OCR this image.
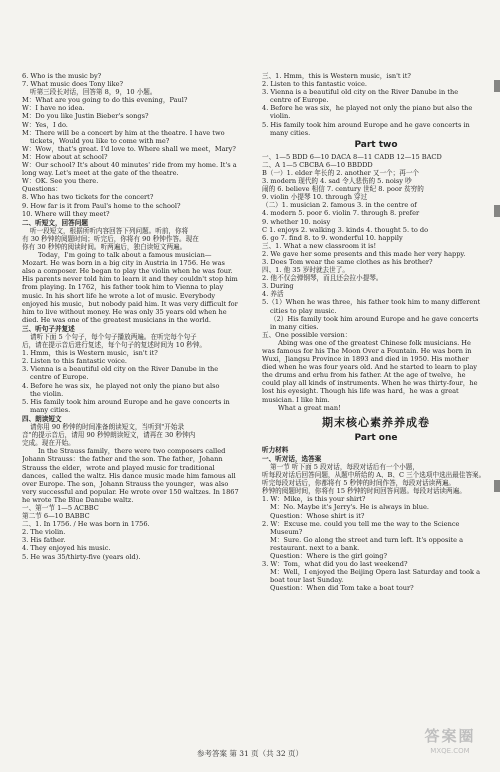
6. Who is the music by?
7. What music does Tony like?
听第三段长对话，回答第 8，9，10 小题。
M：What are you going to do this evening，Paul?
W：I have no idea.
M：Do you like Justin Bieber's songs?
W：Yes，I do.
M：There will be a concert by him at the theatre. I have two
tickets，Would you like to come with me?
W：Wow，that's great. I'd love to. Where shall we meet，Mary?
M：How about at school?
W：Our school? It's about 40 minutes' ride from my home. It's a
long way. Let's meet at the gate of the theatre.
W：OK. See you there.
Questions：
8. Who has two tickets for the concert?
9. How far is it from Paul's home to the school?
10. Where will they meet?
二、听短文，回答问题
听一段短文，根据所听内容回答下列问题。听前，你将
有 30 秒钟的阅题时间；听完后，你将有 90 秒钟作答。现在
你有 30 秒钟的阅读时间。听两遍后，独白读短文两遍。
Today，I'm going to talk about a famous musician—
Mozart. He was born in a big city in Austria in 1756. He was
also a composer. He began to play the violin when he was four.
His parents never told him to learn it and they couldn't stop him
from playing. In 1762，his father took him to Vienna to play
music. In his short life he wrote a lot of music. Everybody
enjoyed his music，but nobody paid him. It was very difficult for
him to live without money. He was only 35 years old when he
died. He was one of the greatest musicians in the world.
三、听句子并复述
请听下面 5 个句子，每个句子播放两遍。在听完每个句子
后，请在提示音后进行复述，每个句子的复述时间为 10 秒钟。
1. Hmm，this is Western music，isn't it?
2. Listen to this fantastic voice.
3. Vienna is a beautiful old city on the River Danube in the
centre of Europe.
4. Before he was six，he played not only the piano but also
the violin.
5. His family took him around Europe and he gave concerts in
many cities.
四、朗读短文
请你用 90 秒钟的时间准备朗读短文，当听到"开始录
音"的提示音后，请用 90 秒钟朗读短文，请再在 30 秒钟内
完成。现在开始。
In the Strauss family，there were two composers called
Johann Strauss：the father and the son. The father，Johann
Strauss the elder，wrote and played music for traditional
dances，called the waltz. His dance music made him famous all
over Europe. The son，Johann Strauss the younger，was also
very successful and popular. He wrote over 150 waltzes. In 1867
he wrote The Blue Danube waltz.
一、第一节 1—5 ACBBC
第二节 6—10 BABBC
二、1. In 1756. / He was born in 1756.
2. The violin.
3. His father.
4. They enjoyed his music.
5. He was 35/thirty-five (years old).
三、1. Hmm，this is Western music，isn't it?
2. Listen to this fantastic voice.
3. Vienna is a beautiful old city on the River Danube in the
centre of Europe.
4. Before he was six，he played not only the piano but also the
violin.
5. His family took him around Europe and he gave concerts in
many cities.
Part two
一、1—5 BDD 6—10 DACA 8—11 CADB 12—15 BACD
二、A 1—5 CBCBA 6—10 BBDDD
B（一）1. elder 年长的 2. another 又一个；再一个
3. modern 现代的 4. sad 令人悲伤的 5. noisy 吵
闹的 6. believe 相信 7. century 世纪 8. poor 贫穷的
9. violin 小提琴 10. through 穿过
（二）1. musician 2. famous 3. in the centre of
4. modern 5. poor 6. violin 7. through 8. prefer
9. whether 10. noisy
C 1. enjoys 2. walking 3. kinds 4. thought 5. to do
6. go 7. find 8. to 9. wonderful 10. happily
三、1. What a new classroom it is!
2. We gave her some presents and this made her very happy.
3. Does Tom wear the same clothes as his brother?
四、1. 他 35 岁时就去世了。
2. 他不仅会弹钢琴，而且还会拉小提琴。
3. During
4. 养活
5.（1）When he was three，his father took him to many different
cities to play music.
（2）His family took him around Europe and he gave concerts
in many cities.
五、One possible version：
Abing was one of the greatest Chinese folk musicians. He
was famous for his The Moon Over a Fountain. He was born in
Wuxi，Jiangsu Province in 1893 and died in 1950. His mother
died when he was four years old. And he started to learn to play
the drums and erhu from his father. At the age of twelve，he
could play all kinds of instruments. When he was thirty-four，he
lost his eyesight. Though his life was hard，he was a great
musician. I like him.
What a great man!
期末核心素养养成卷
Part one
听力材料
一、听对话，选答案
第一节 听下面 5 段对话，每段对话后有一个小题，
听每段对话后回答问题，从题中所给的 A、B、C 三个选项中选出最佳答案。
听完每段对话后，你都将有 5 秒钟的时间作答，每段对话读两遍。
秒钟的阅题时间，你将有 15 秒钟的时间回答问题。每段对话读两遍。
1. W：Mike，is this your shirt?
M：No. Maybe it's Jerry's. He is always in blue.
Question：Whose shirt is it?
2. W：Excuse me. could you tell me the way to the Science
Museum?
M：Sure. Go along the street and turn left. It's opposite a
restaurant. next to a bank.
Question：Where is the girl going?
3. W：Tom，what did you do last weekend?
M：Well，I enjoyed the Beijing Opera last Saturday and took a
boat tour last Sunday.
Question：When did Tom take a boat tour?
参考答案 第 31 页（共 32 页）
答案圈
MXQE.COM
